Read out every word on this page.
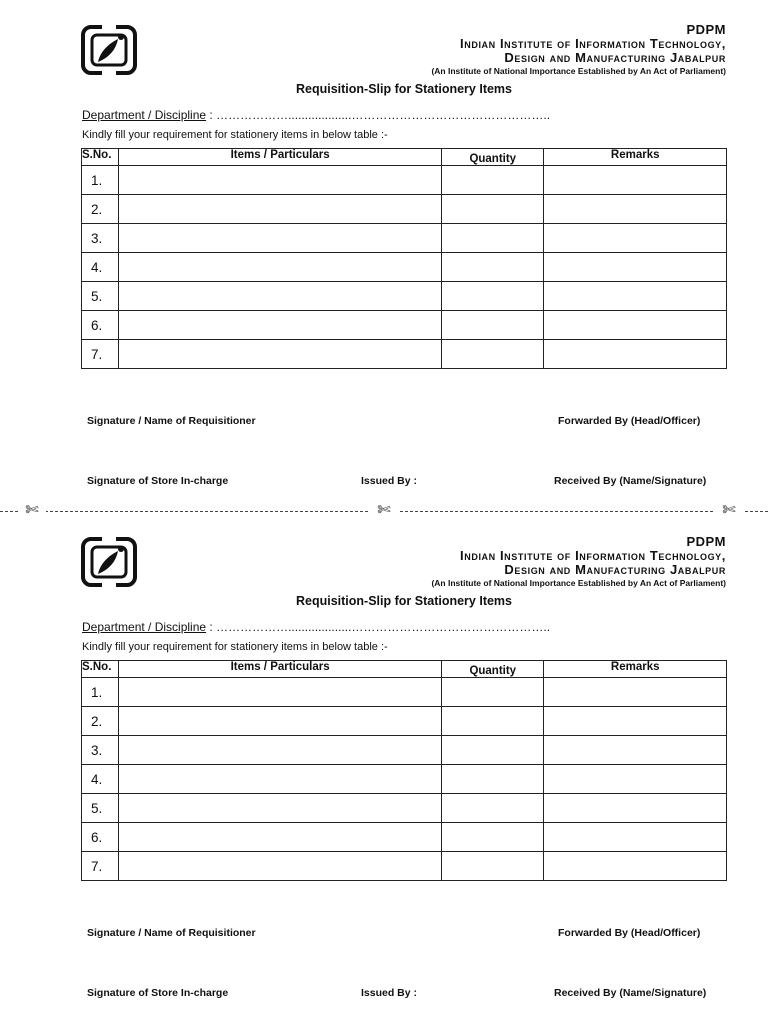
PDPM
Indian Institute of Information Technology,
Design and Manufacturing Jabalpur
(An Institute of National Importance Established by An Act of Parliament)
Requisition-Slip for Stationery Items
Department / Discipline : ………………...................…………………………………………..
Kindly fill your requirement for stationery items in below table :-
S.No.	Items / Particulars	Quantity	Remarks
1.			
2.			
3.			
4.			
5.			
6.			
7.			
Signature / Name of Requisitioner	Forwarded By (Head/Officer)
Signature of Store In-charge	Issued By :	Received By (Name/Signature)
✄	✄	✄
PDPM
Indian Institute of Information Technology,
Design and Manufacturing Jabalpur
(An Institute of National Importance Established by An Act of Parliament)
Requisition-Slip for Stationery Items
Department / Discipline : ………………...................…………………………………………..
Kindly fill your requirement for stationery items in below table :-
S.No.	Items / Particulars	Quantity	Remarks
1.			
2.			
3.			
4.			
5.			
6.			
7.			
Signature / Name of Requisitioner	Forwarded By (Head/Officer)
Signature of Store In-charge	Issued By :	Received By (Name/Signature)
